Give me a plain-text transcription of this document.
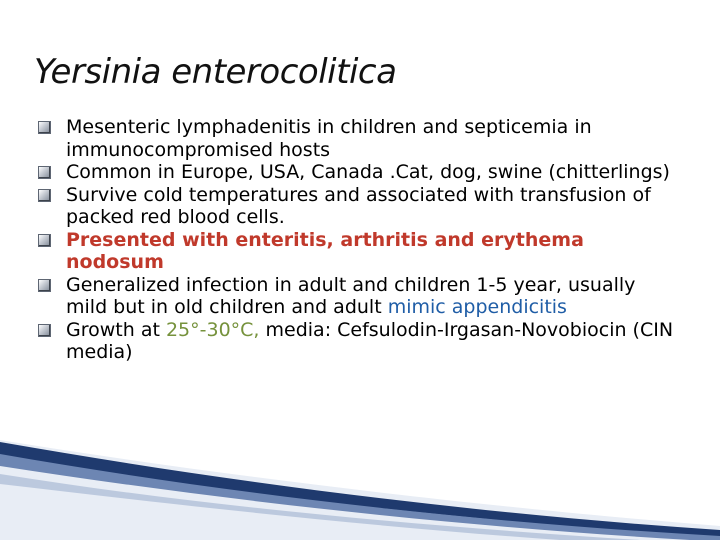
Yersinia enterocolitica
Mesenteric lymphadenitis in children and septicemia in immunocompromised hosts
Common in Europe, USA, Canada .Cat, dog, swine (chitterlings)
Survive cold temperatures and associated with transfusion of packed red blood cells.
Presented with enteritis, arthritis and erythema nodosum
Generalized infection in adult and children 1-5 year, usually mild but in old children and adult mimic appendicitis
Growth at 25°-30°C, media: Cefsulodin-Irgasan-Novobiocin (CIN media)
